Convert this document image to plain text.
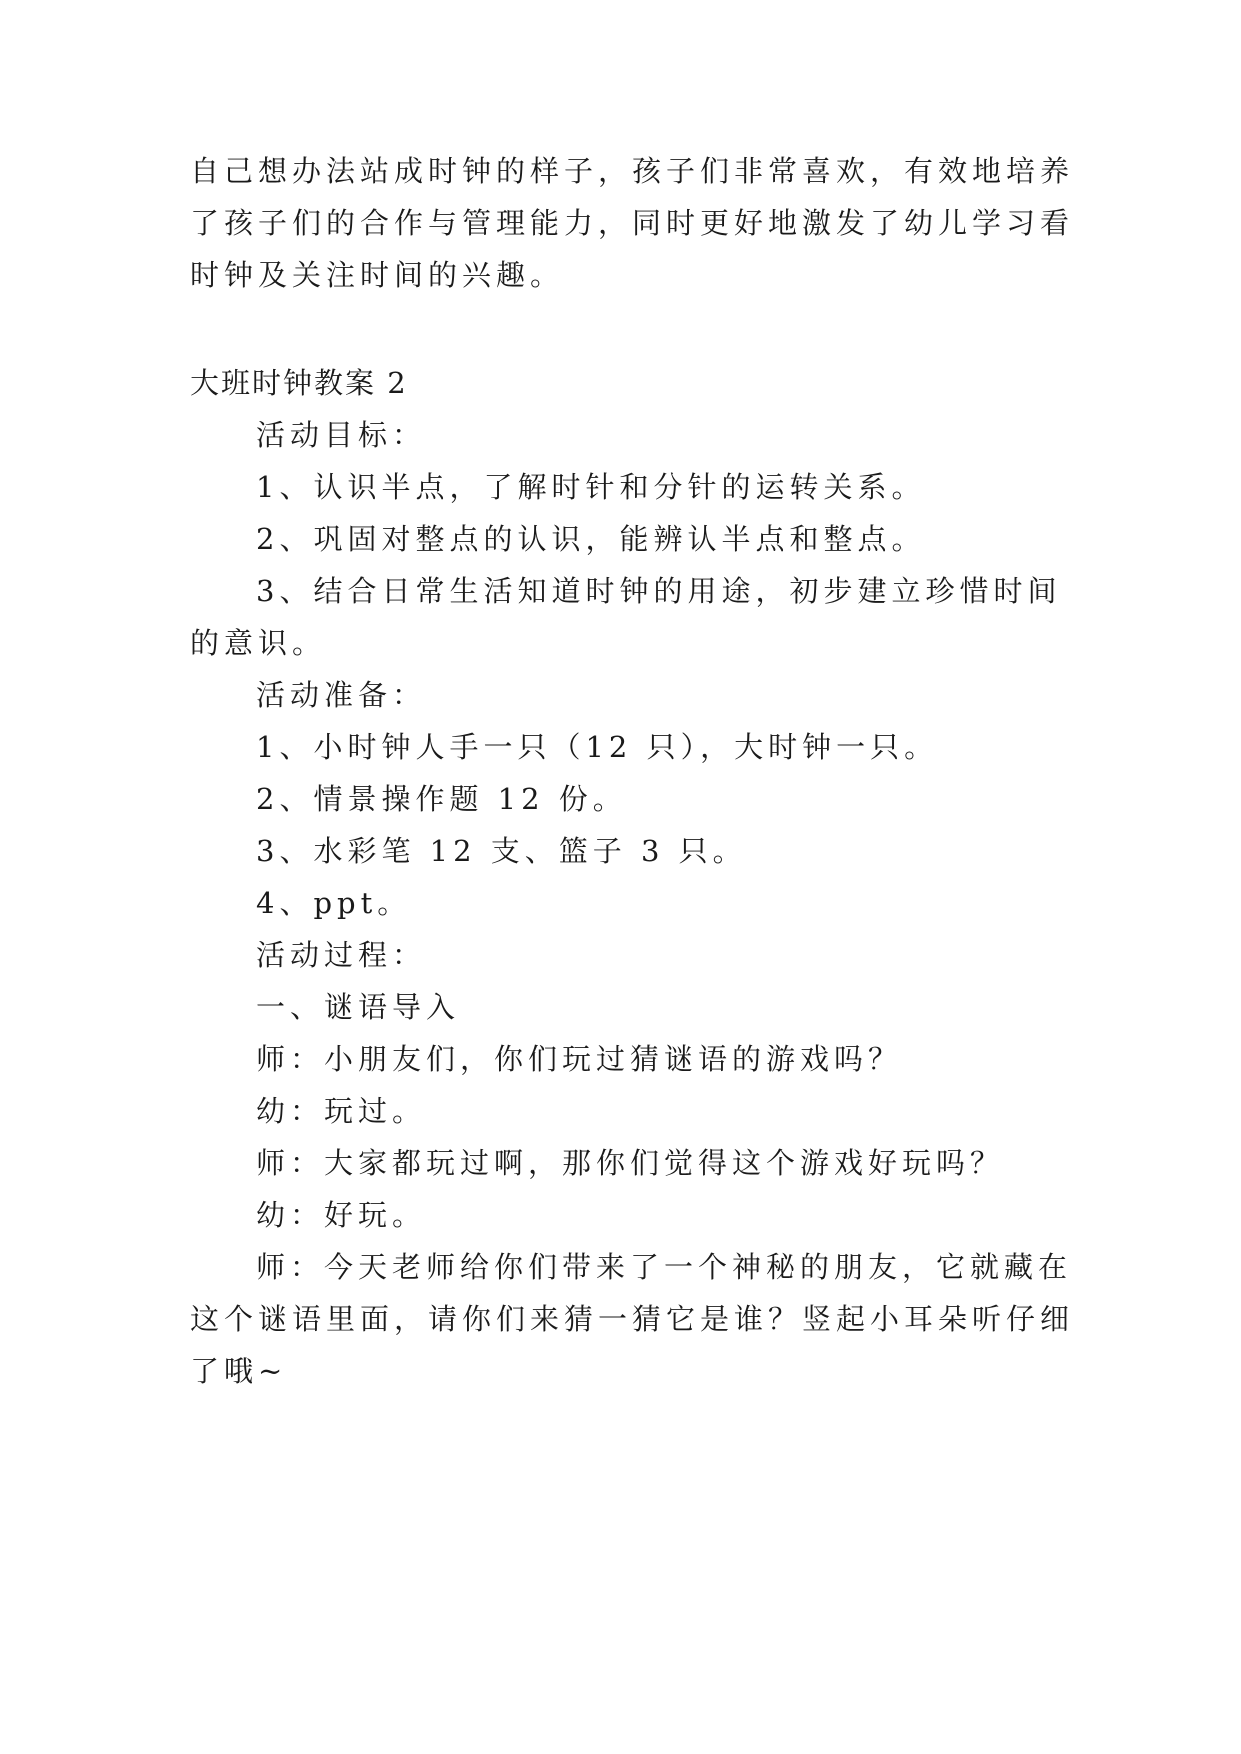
自己想办法站成时钟的样子，孩子们非常喜欢，有效地培养
了孩子们的合作与管理能力，同时更好地激发了幼儿学习看
时钟及关注时间的兴趣。
大班时钟教案 2
活动目标：
1、认识半点，了解时针和分针的运转关系。
2、巩固对整点的认识，能辨认半点和整点。
3、结合日常生活知道时钟的用途，初步建立珍惜时间
的意识。
活动准备：
1、小时钟人手一只（12 只），大时钟一只。
2、情景操作题 12 份。
3、水彩笔 12 支、篮子 3 只。
4、ppt。
活动过程：
一、谜语导入
师：小朋友们，你们玩过猜谜语的游戏吗？
幼：玩过。
师：大家都玩过啊，那你们觉得这个游戏好玩吗？
幼：好玩。
师：今天老师给你们带来了一个神秘的朋友，它就藏在
这个谜语里面，请你们来猜一猜它是谁？竖起小耳朵听仔细
了哦~
